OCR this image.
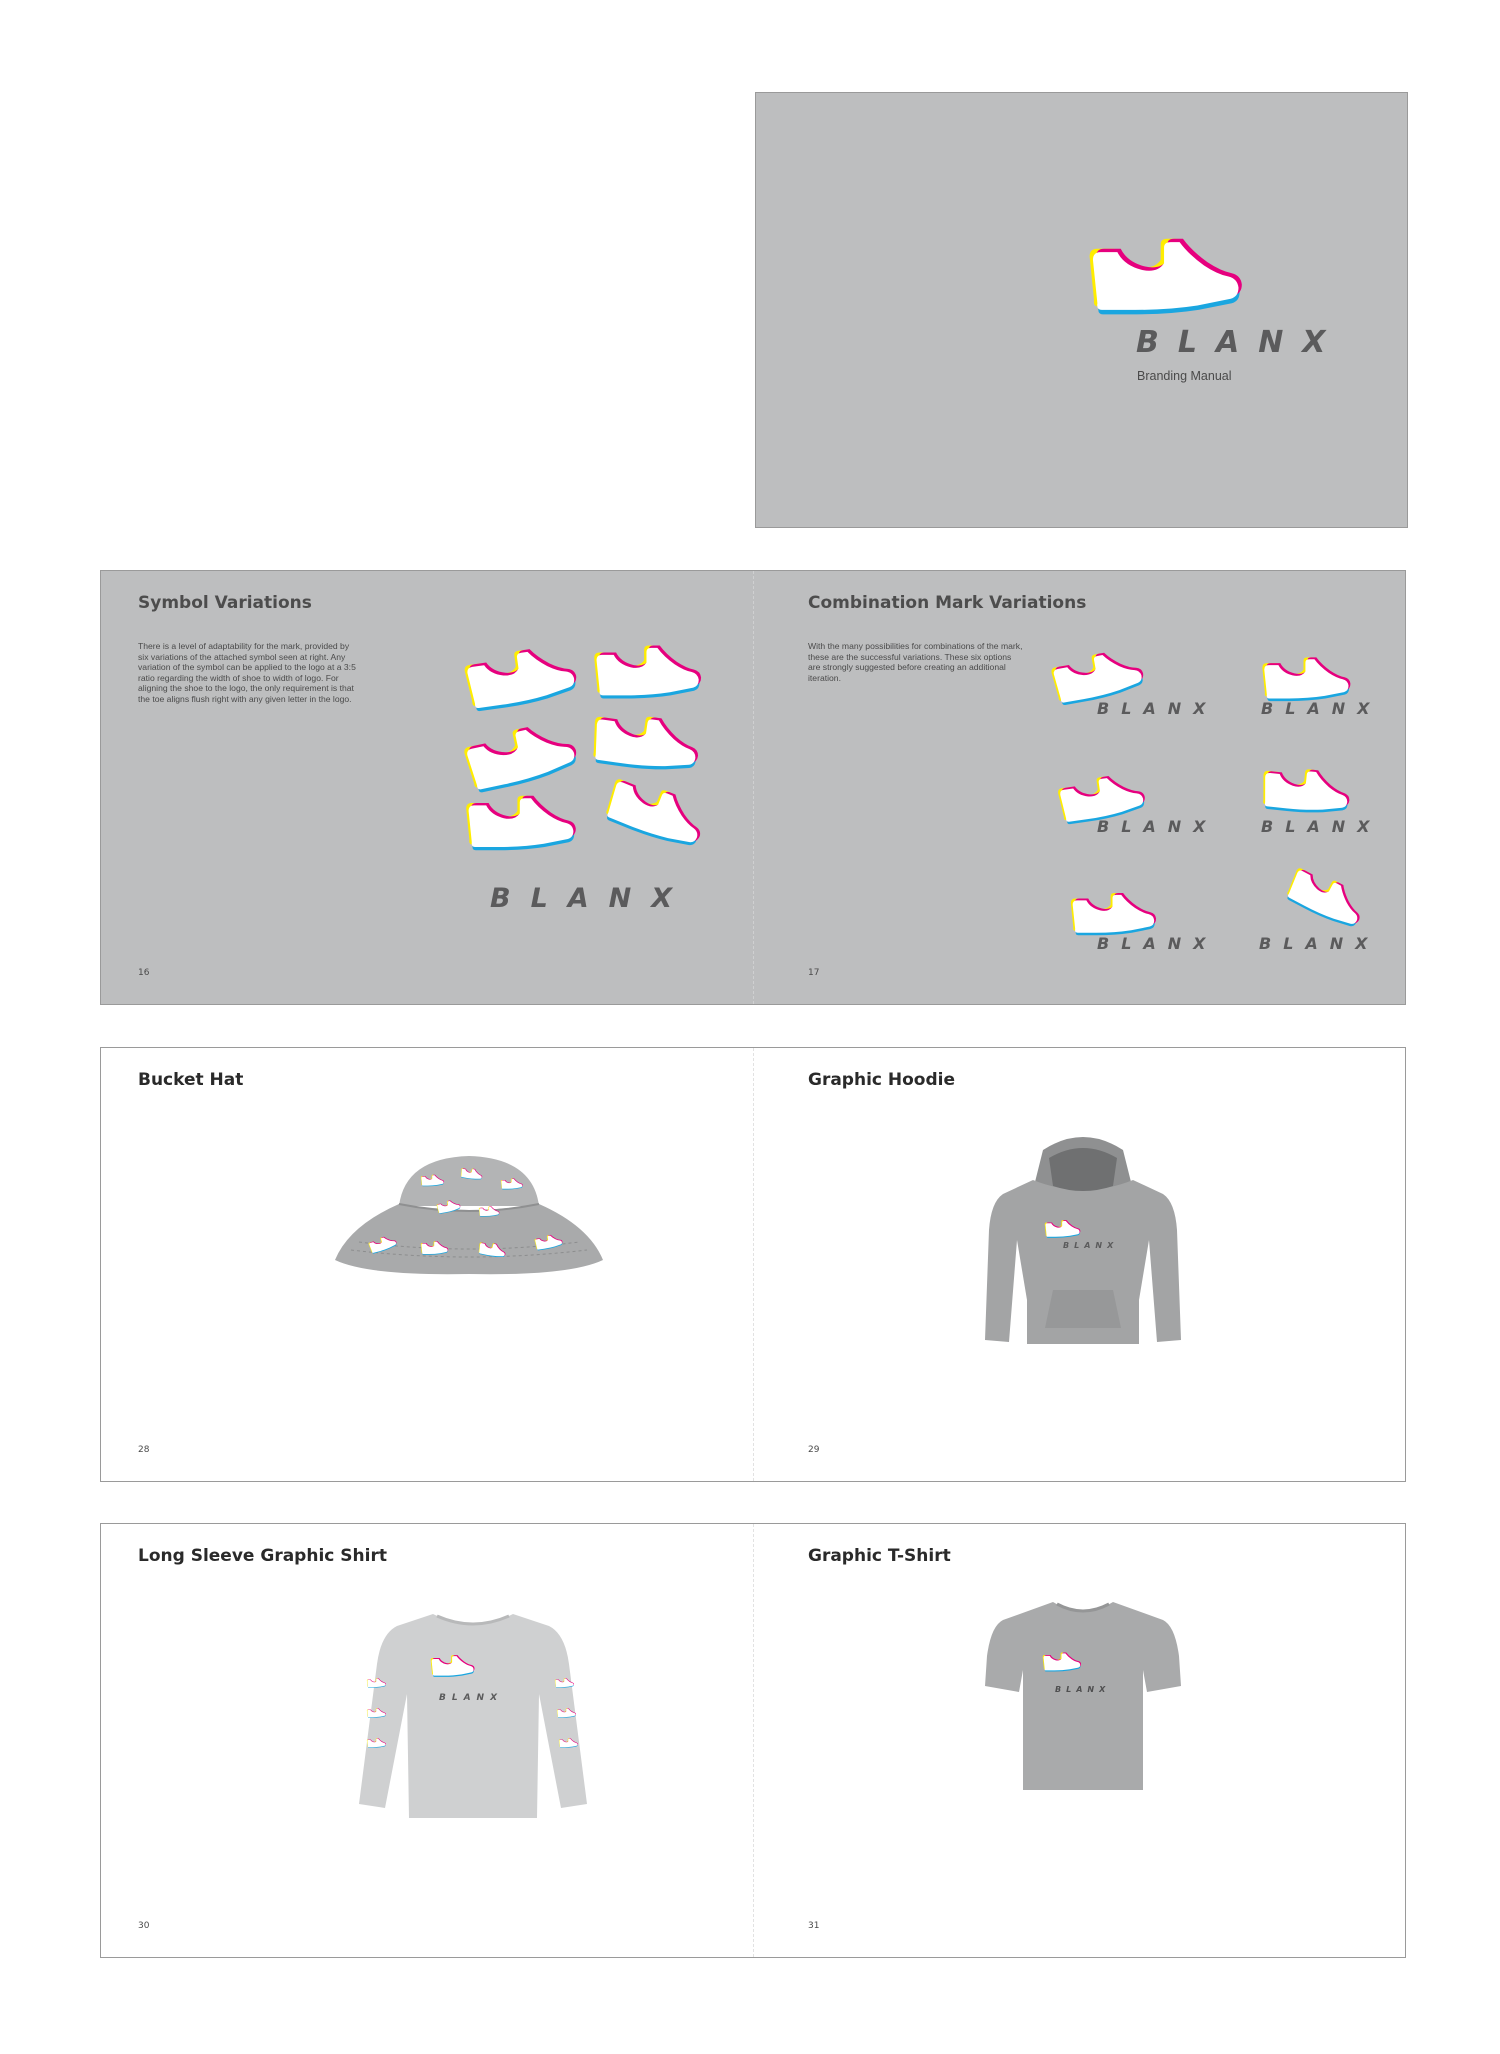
BLANX
Branding Manual
Symbol Variations
There is a level of adaptability for the mark, provided by six variations of the attached symbol seen at right. Any variation of the symbol can be applied to the logo at a 3:5 ratio regarding the width of shoe to width of logo. For aligning the shoe to the logo, the only requirement is that the toe aligns flush right with any given letter in the logo.
BLANX
16
Combination Mark Variations
With the many possibilities for combinations of the mark, these are the successful variations. These six options are strongly suggested before creating an additional iteration.
BLANX	BLANX
BLANX	BLANX
BLANX	BLANX
17
Bucket Hat
28
Graphic Hoodie
BLANX
29
Long Sleeve Graphic Shirt
BLANX
30
Graphic T-Shirt
BLANX
31
